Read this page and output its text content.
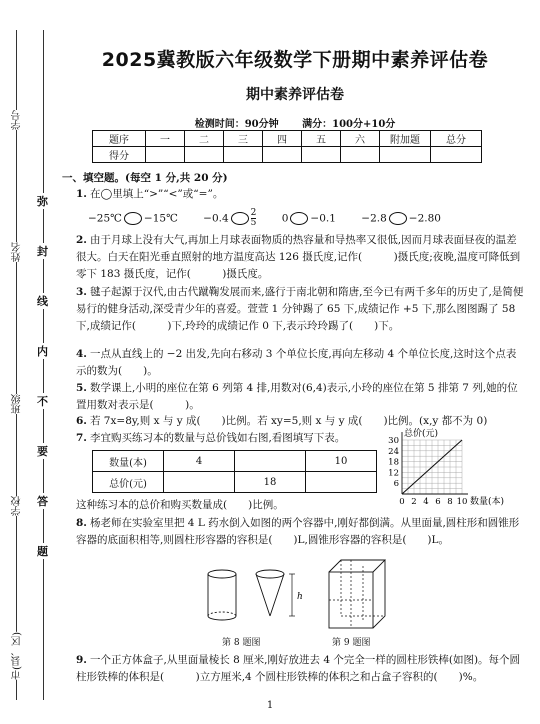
学号
姓名
班级
学校
市(县、区)
弥
封
线
内
不
要
答
题
2025冀教版六年级数学下册期中素养评估卷
期中素养评估卷
检测时间：90分钟 满分：100分+10分
题序	一	二	三	四	五	六	附加题	总分
得分								
一、填空题。(每空 1 分,共 20 分)
1. 在◯里填上“>”“<”或“=”。
−25℃ −15℃ $-0.4 \frac{2}{5} 0 -0.1 -2.8 -2.80$
2. 由于月球上没有大气,再加上月球表面物质的热容量和导热率又很低,因而月球表面昼夜的温差很大。白天在阳光垂直照射的地方温度高达 126 摄氏度,记作(　　　)摄氏度;夜晚,温度可降低到零下 183 摄氏度，记作(　　　)摄氏度。
3. 毽子起源于汉代,由古代蹴鞠发展而来,盛行于南北朝和隋唐,至今已有两千多年的历史了,是简便易行的健身活动,深受青少年的喜爱。萱萱 1 分钟踢了 65 下,成绩记作 +5 下,那么图图踢了 58 下,成绩记作(　　　)下,玲玲的成绩记作 0 下,表示玲玲踢了(　　)下。
4. 一点从直线上的 −2 出发,先向右移动 3 个单位长度,再向左移动 4 个单位长度,这时这个点表示的数为(　　)。
5. 数学课上,小明的座位在第 6 列第 4 排,用数对(6,4)表示,小玲的座位在第 5 排第 7 列,她的位置用数对表示是(　　　)。
6. 若 7x=8y,则 x 与 y 成(　　)比例。若 xy=5,则 x 与 y 成(　　)比例。(x,y 都不为 0)
7. 李宜购买练习本的数量与总价钱如右图,看图填写下表。
数量(本)	4		10
总价(元)		18	
这种练习本的总价和购买数量成(　　)比例。	0 2 4 6 8 10
6
12
18
24
30
总价(元)
数量(本)
8. 杨老师在实验室里把 4 L 药水倒入如图的两个容器中,刚好都倒满。从里面量,圆柱形和圆锥形容器的底面积相等,则圆柱形容器的容积是(　　)L,圆锥形容器的容积是(　　)L。
h
第 8 题图	第 9 题图
9. 一个正方体盒子,从里面量棱长 8 厘米,刚好放进去 4 个完全一样的圆柱形铁棒(如图)。每个圆柱形铁棒的体积是(　　　)立方厘米,4 个圆柱形铁棒的体积之和占盒子容积的(　　)%。
1
